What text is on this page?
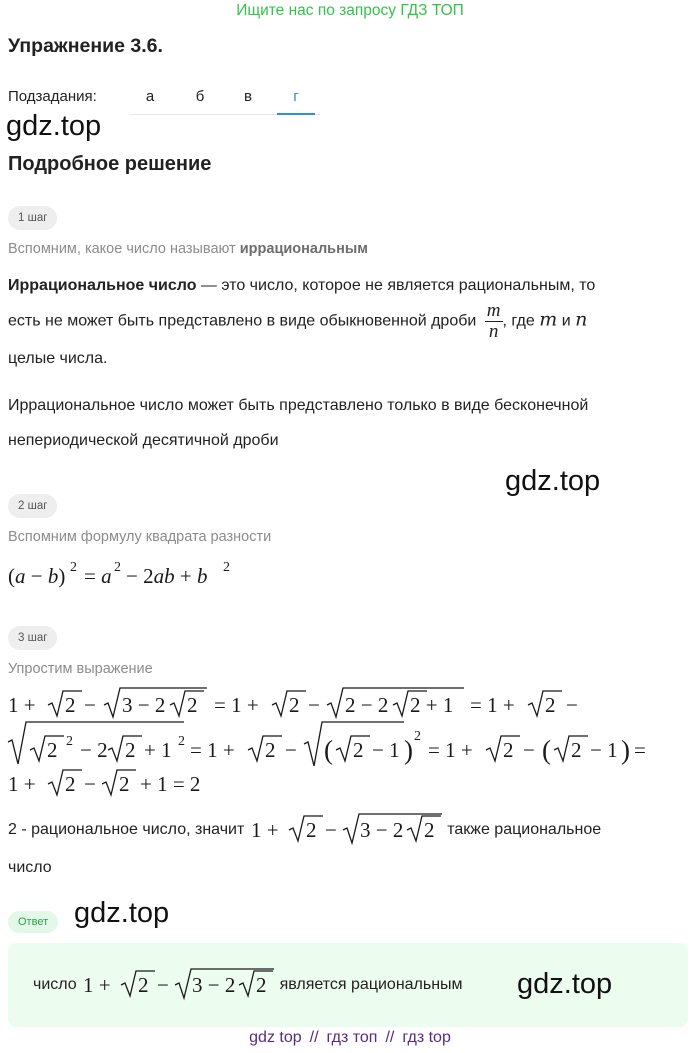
Ищите нас по запросу ГДЗ ТОП
Упражнение 3.6.
Подзадания:	а	б	в	г
gdz.top
Подробное решение
1 шаг
Вспомним, какое число называют иррациональным
Иррациональное число — это число, которое не является рациональным, то
есть не может быть представлено в виде обыкновенной дроби $\frac{m}{n}$ , где m и n
целые числа.
Иррациональное число может быть представлено только в виде бесконечной
непериодической десятичной дроби
gdz.top
2 шаг
Вспомним формулу квадрата разности
(a − b) 2 = a 2 − 2ab + b 2
3 шаг
Упростим выражение
1 + 2 − 3 − 2 2 = 1 + 2 − 2 − 2 2 + 1 = 1 + 2 −
2 2 − 2 2 + 1 2 = 1 + 2 − ( 2 − 1 ) 2
= 1 + 2 − ( 2 − 1 ) =
1 + 2 − 2 + 1 = 2
2 - рациональное число, значит 1 + 2 − 3 − 2 2 также рациональное
число
Ответ gdz.top
число 1 + 2 − 3 − 2 2 является рациональным gdz.top
gdz top // гдз топ // гдз top
